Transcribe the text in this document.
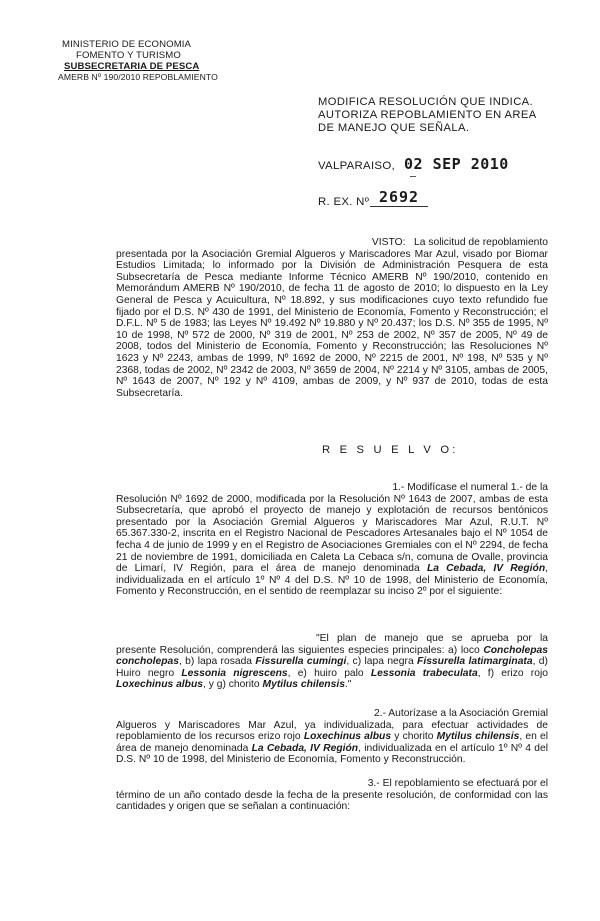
MINISTERIO DE ECONOMIA
FOMENTO Y TURISMO
SUBSECRETARIA DE PESCA
AMERB Nº 190/2010 REPOBLAMIENTO
MODIFICA RESOLUCIÓN QUE INDICA. AUTORIZA REPOBLAMIENTO EN AREA DE MANEJO QUE SEÑALA.
VALPARAISO, 02 SEP 2010
R. EX. Nº 2692

VISTO: La solicitud de repoblamiento

presentada por la Asociación Gremial Algueros y Mariscadores Mar Azul, visado por Biomar Estudios Limitada; lo informado por la División de Administración Pesquera de esta Subsecretaría de Pesca mediante Informe Técnico AMERB Nº 190/2010, contenido en Memorándum AMERB Nº 190/2010, de fecha 11 de agosto de 2010; lo dispuesto en la Ley General de Pesca y Acuicultura, Nº 18.892, y sus modificaciones cuyo texto refundido fue fijado por el D.S. Nº 430 de 1991, del Ministerio de Economía, Fomento y Reconstrucción; el D.F.L. Nº 5 de 1983; las Leyes Nº 19.492 Nº 19.880 y Nº 20.437; los D.S. Nº 355 de 1995, Nº 10 de 1998, Nº 572 de 2000, Nº 319 de 2001, Nº 253 de 2002, Nº 357 de 2005, Nº 49 de 2008, todos del Ministerio de Economía, Fomento y Reconstrucción; las Resoluciones Nº 1623 y Nº 2243, ambas de 1999, Nº 1692 de 2000, Nº 2215 de 2001, Nº 198, Nº 535 y Nº 2368, todas de 2002, Nº 2342 de 2003, Nº 3659 de 2004, Nº 2214 y Nº 3105, ambas de 2005, Nº 1643 de 2007, Nº 192 y Nº 4109, ambas de 2009, y Nº 937 de 2010, todas de esta Subsecretaría.

R E S U E L V O:

1.- Modifícase el numeral 1.- de la

Resolución Nº 1692 de 2000, modificada por la Resolución Nº 1643 de 2007, ambas de esta Subsecretaría, que aprobó el proyecto de manejo y explotación de recursos bentónicos presentado por la Asociación Gremial Algueros y Mariscadores Mar Azul, R.U.T. Nº 65.367.330-2, inscrita en el Registro Nacional de Pescadores Artesanales bajo el Nº 1054 de fecha 4 de junio de 1999 y en el Registro de Asociaciones Gremiales con el Nº 2294, de fecha 21 de noviembre de 1991, domiciliada en Caleta La Cebaca s/n, comuna de Ovalle, provincia de Limarí, IV Región, para el área de manejo denominada La Cebada, IV Región, individualizada en el artículo 1º Nº 4 del D.S. Nº 10 de 1998, del Ministerio de Economía, Fomento y Reconstrucción, en el sentido de reemplazar su inciso 2º por el siguiente:

"El plan de manejo que se aprueba por la presente Resolución, comprenderá las siguientes especies principales: a) loco Concholepas concholepas, b) lapa rosada Fissurella cumingi, c) lapa negra Fissurella latimarginata, d) Huiro negro Lessonia nigrescens, e) huiro palo Lessonia trabeculata, f) erizo rojo Loxechinus albus, y g) chorito Mytilus chilensis."

2.- Autorízase a la Asociación Gremial

Algueros y Mariscadores Mar Azul, ya individualizada, para efectuar actividades de repoblamiento de los recursos erizo rojo Loxechinus albus y chorito Mytilus chilensis, en el área de manejo denominada La Cebada, IV Región, individualizada en el artículo 1º Nº 4 del D.S. Nº 10 de 1998, del Ministerio de Economía, Fomento y Reconstrucción.

3.- El repoblamiento se efectuará por el

término de un año contado desde la fecha de la presente resolución, de conformidad con las cantidades y origen que se señalan a continuación:
